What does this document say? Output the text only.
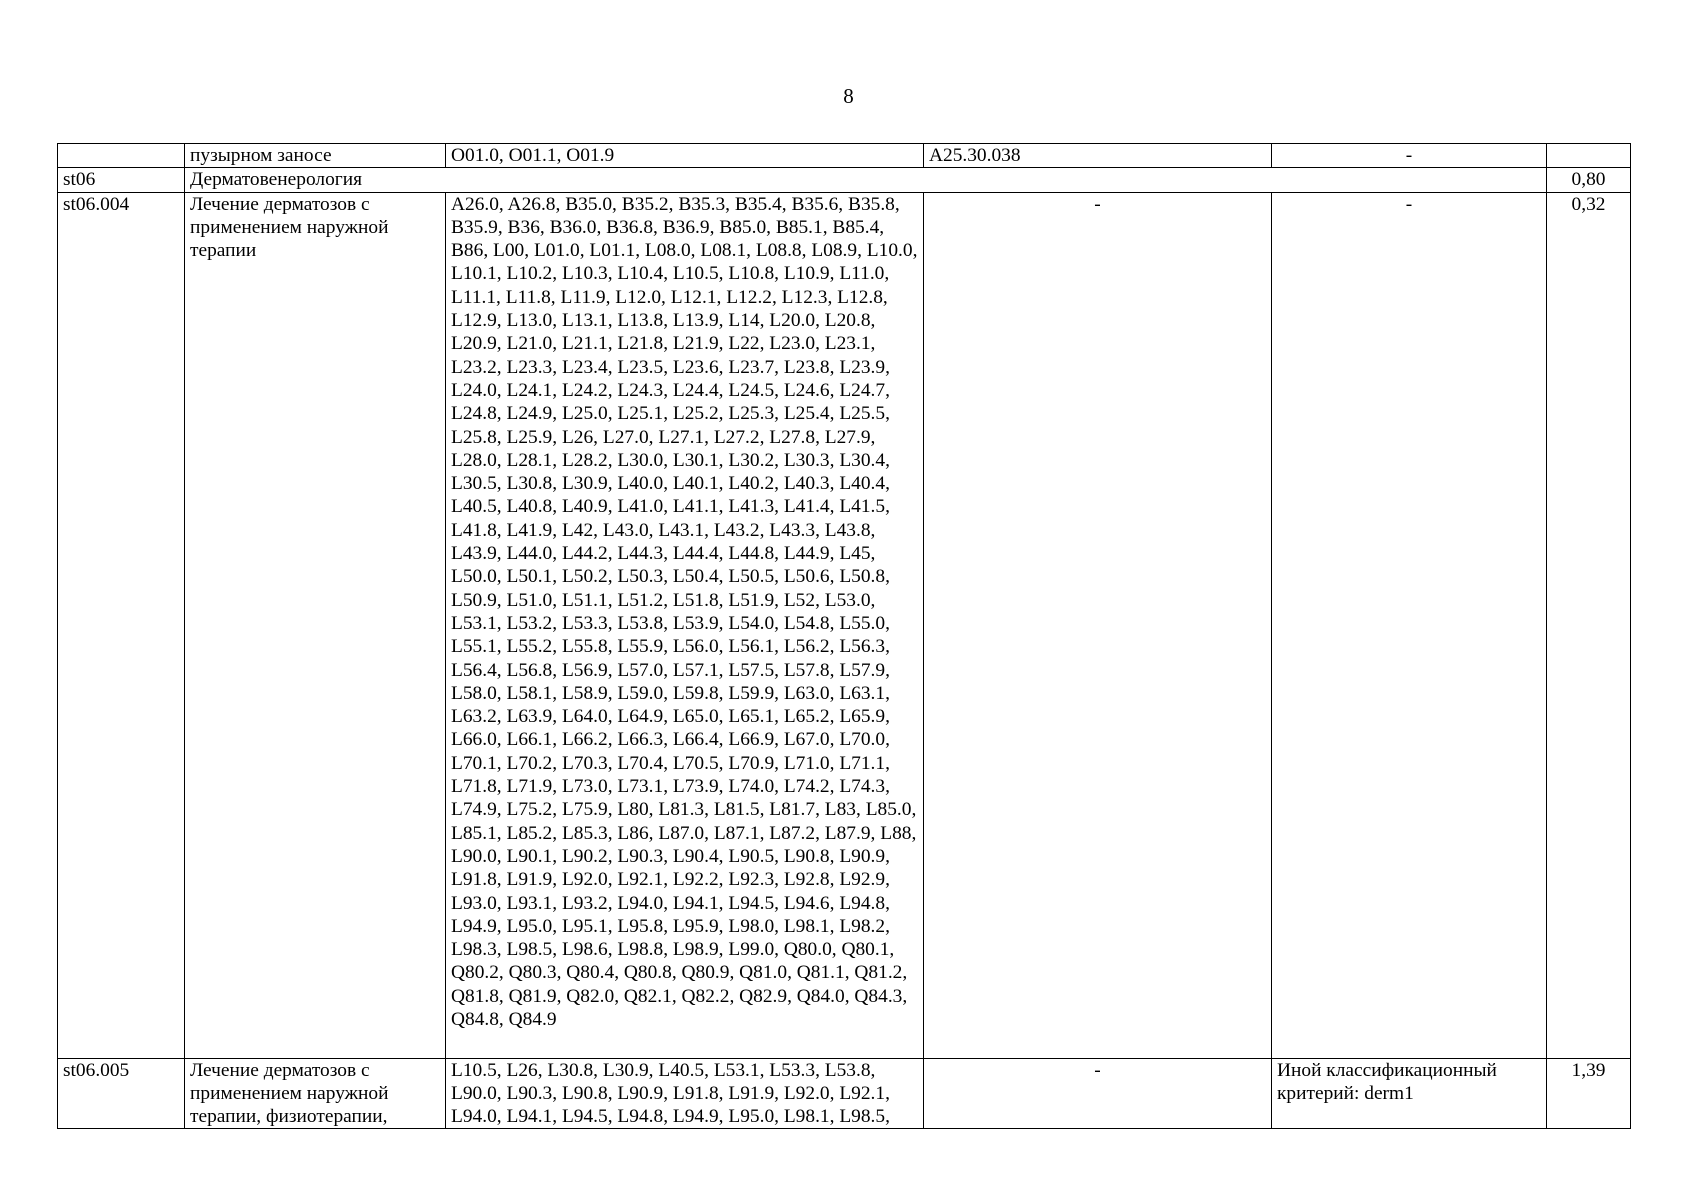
8
	пузырном заносе	O01.0, O01.1, O01.9	A25.30.038	-	
st06	Дерматовенерология				0,80
st06.004	Лечение дерматозов с применением наружной терапии	A26.0, A26.8, B35.0, B35.2, B35.3, B35.4, B35.6, B35.8, B35.9, B36, B36.0, B36.8, B36.9, B85.0, B85.1, B85.4, B86, L00, L01.0, L01.1, L08.0, L08.1, L08.8, L08.9, L10.0, L10.1, L10.2, L10.3, L10.4, L10.5, L10.8, L10.9, L11.0, L11.1, L11.8, L11.9, L12.0, L12.1, L12.2, L12.3, L12.8, L12.9, L13.0, L13.1, L13.8, L13.9, L14, L20.0, L20.8, L20.9, L21.0, L21.1, L21.8, L21.9, L22, L23.0, L23.1, L23.2, L23.3, L23.4, L23.5, L23.6, L23.7, L23.8, L23.9, L24.0, L24.1, L24.2, L24.3, L24.4, L24.5, L24.6, L24.7, L24.8, L24.9, L25.0, L25.1, L25.2, L25.3, L25.4, L25.5, L25.8, L25.9, L26, L27.0, L27.1, L27.2, L27.8, L27.9, L28.0, L28.1, L28.2, L30.0, L30.1, L30.2, L30.3, L30.4, L30.5, L30.8, L30.9, L40.0, L40.1, L40.2, L40.3, L40.4, L40.5, L40.8, L40.9, L41.0, L41.1, L41.3, L41.4, L41.5, L41.8, L41.9, L42, L43.0, L43.1, L43.2, L43.3, L43.8, L43.9, L44.0, L44.2, L44.3, L44.4, L44.8, L44.9, L45, L50.0, L50.1, L50.2, L50.3, L50.4, L50.5, L50.6, L50.8, L50.9, L51.0, L51.1, L51.2, L51.8, L51.9, L52, L53.0, L53.1, L53.2, L53.3, L53.8, L53.9, L54.0, L54.8, L55.0, L55.1, L55.2, L55.8, L55.9, L56.0, L56.1, L56.2, L56.3, L56.4, L56.8, L56.9, L57.0, L57.1, L57.5, L57.8, L57.9, L58.0, L58.1, L58.9, L59.0, L59.8, L59.9, L63.0, L63.1, L63.2, L63.9, L64.0, L64.9, L65.0, L65.1, L65.2, L65.9, L66.0, L66.1, L66.2, L66.3, L66.4, L66.9, L67.0, L70.0, L70.1, L70.2, L70.3, L70.4, L70.5, L70.9, L71.0, L71.1, L71.8, L71.9, L73.0, L73.1, L73.9, L74.0, L74.2, L74.3, L74.9, L75.2, L75.9, L80, L81.3, L81.5, L81.7, L83, L85.0, L85.1, L85.2, L85.3, L86, L87.0, L87.1, L87.2, L87.9, L88, L90.0, L90.1, L90.2, L90.3, L90.4, L90.5, L90.8, L90.9, L91.8, L91.9, L92.0, L92.1, L92.2, L92.3, L92.8, L92.9, L93.0, L93.1, L93.2, L94.0, L94.1, L94.5, L94.6, L94.8, L94.9, L95.0, L95.1, L95.8, L95.9, L98.0, L98.1, L98.2, L98.3, L98.5, L98.6, L98.8, L98.9, L99.0, Q80.0, Q80.1, Q80.2, Q80.3, Q80.4, Q80.8, Q80.9, Q81.0, Q81.1, Q81.2, Q81.8, Q81.9, Q82.0, Q82.1, Q82.2, Q82.9, Q84.0, Q84.3, Q84.8, Q84.9	-	-	0,32
st06.005	Лечение дерматозов с применением наружной терапии, физиотерапии,	L10.5, L26, L30.8, L30.9, L40.5, L53.1, L53.3, L53.8, L90.0, L90.3, L90.8, L90.9, L91.8, L91.9, L92.0, L92.1, L94.0, L94.1, L94.5, L94.8, L94.9, L95.0, L98.1, L98.5,	-	Иной классификационный критерий: derm1	1,39
